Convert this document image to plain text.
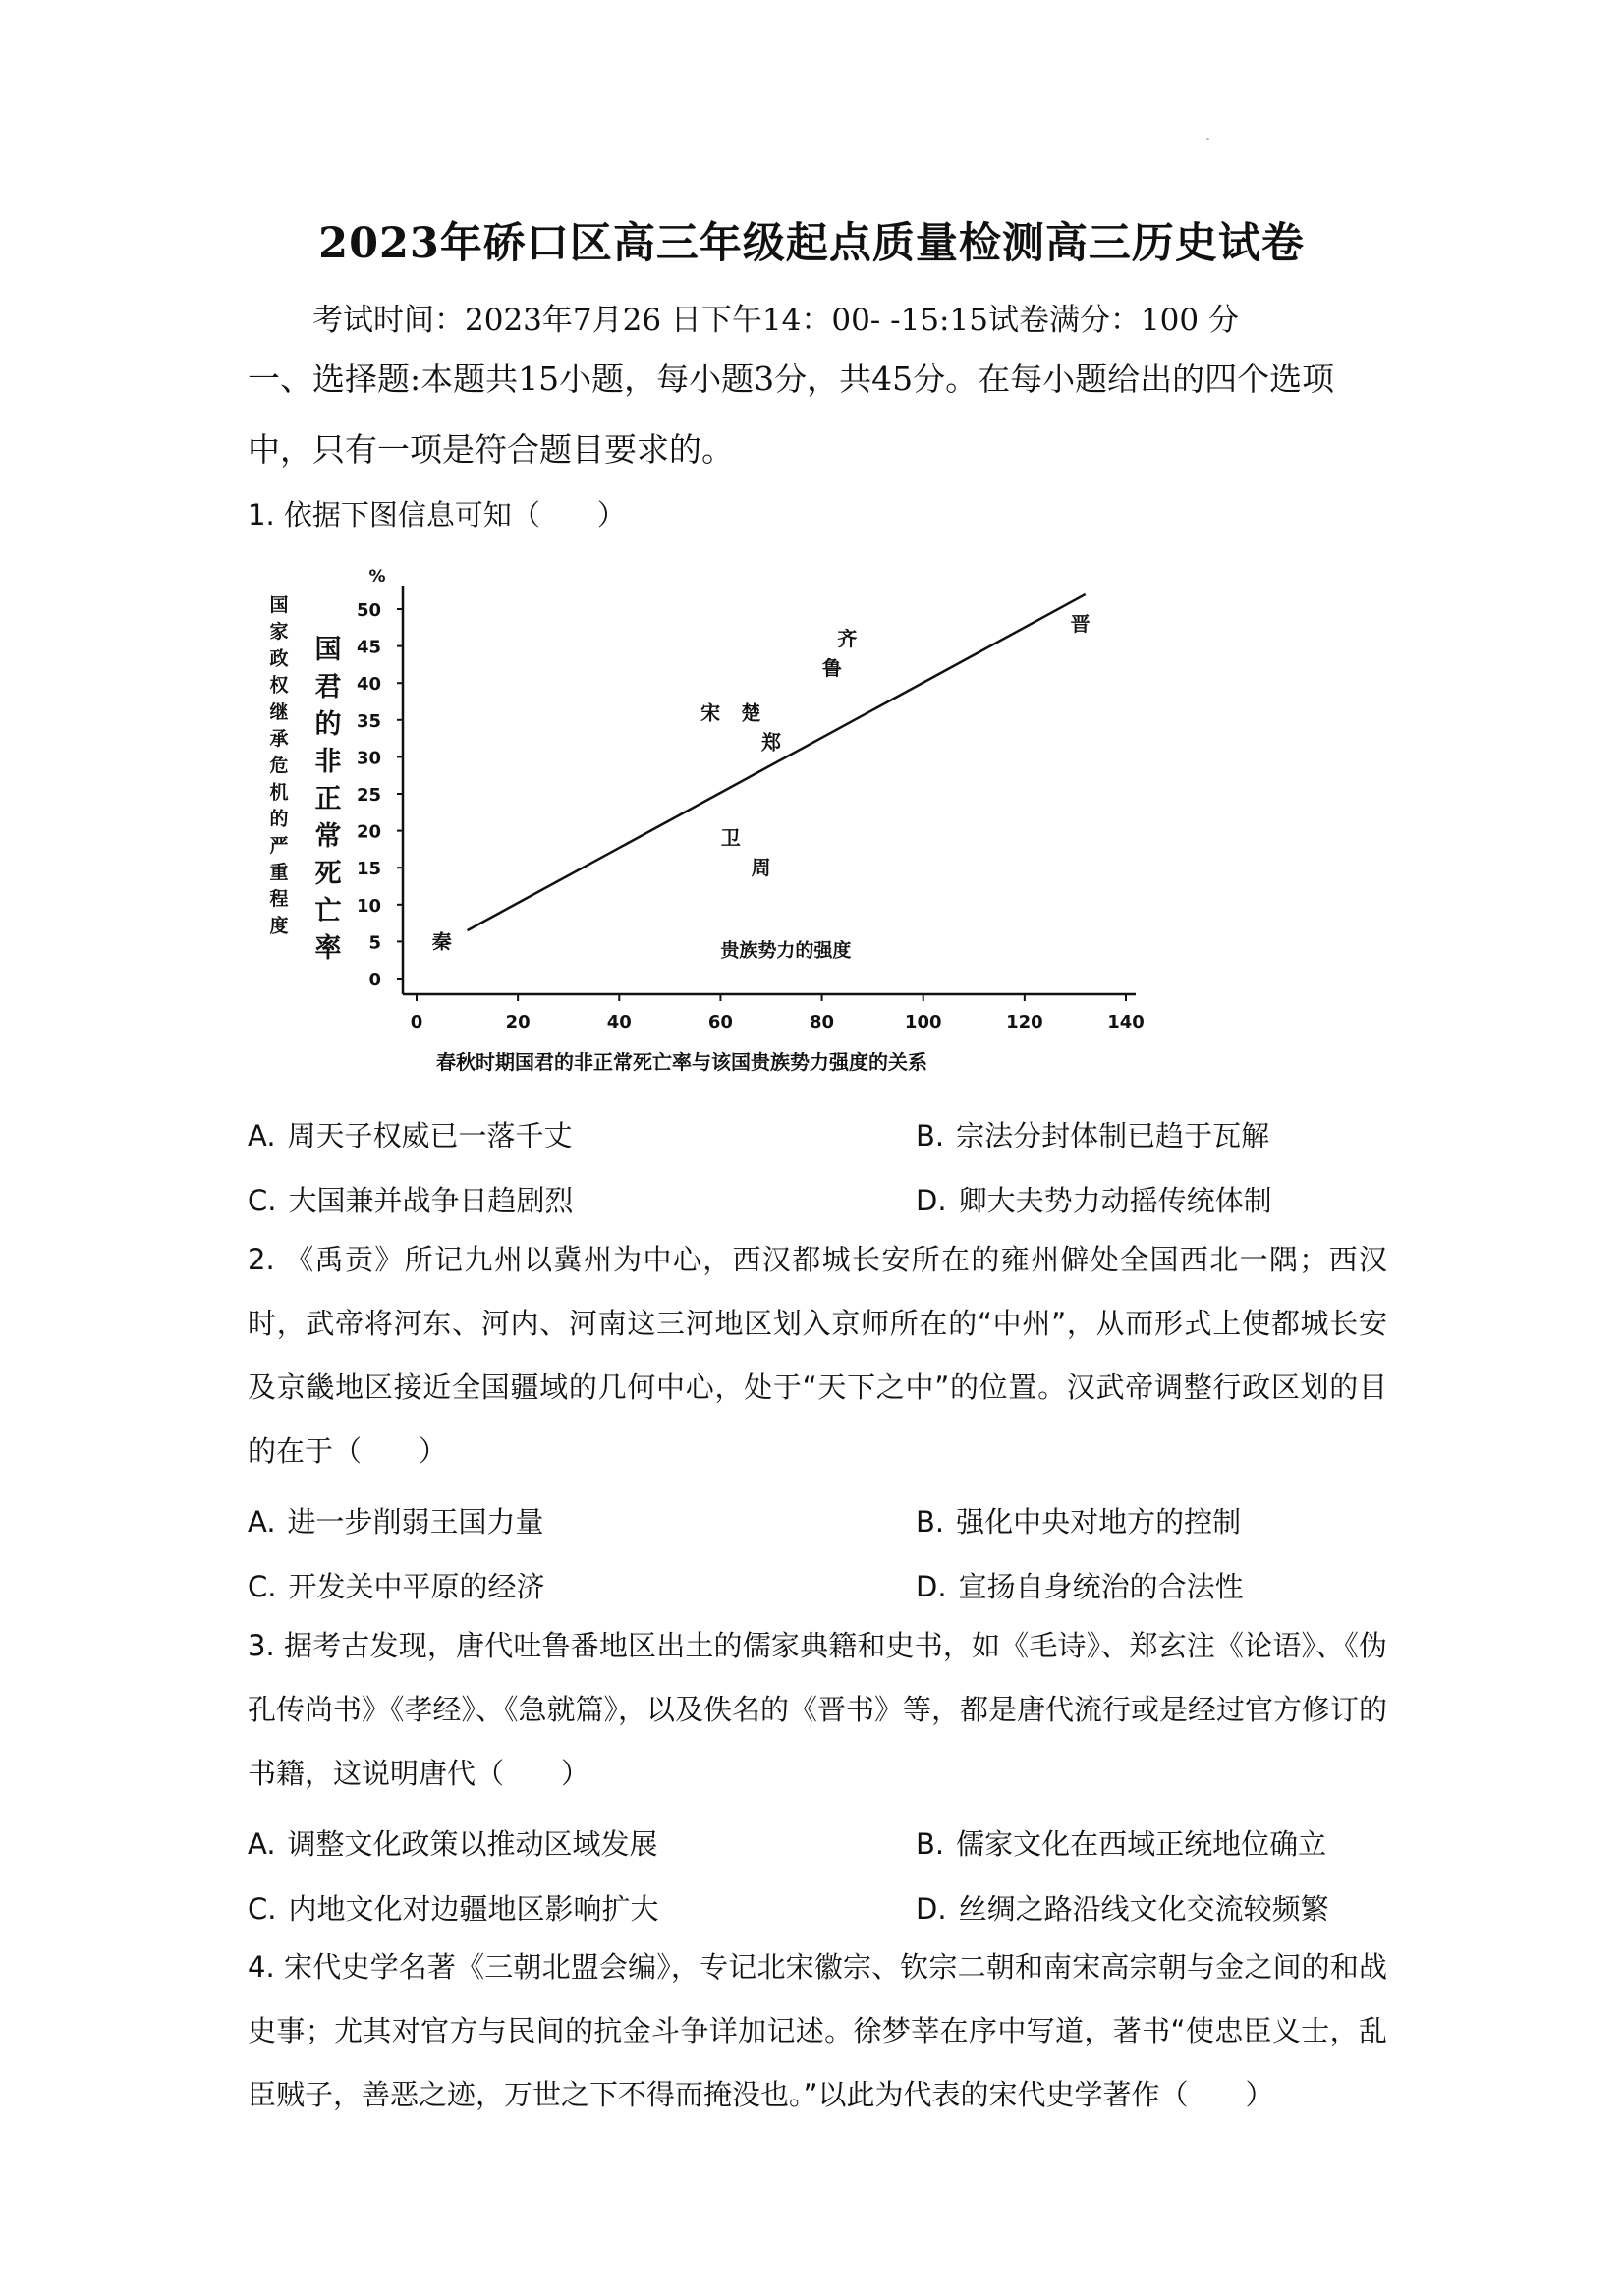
2023年硚口区高三年级起点质量检测高三历史试卷
考试时间：2023年7月26 日下午14：00- -15:15试卷满分：100 分
一、选择题:本题共15小题，每小题3分，共45分。在每小题给出的四个选项中，只有一项是符合题目要求的。
1. 依据下图信息可知（　　）
0
5
10
15
20
25
30
35
40
45
50
%
0	20	40	60	80	100	120	140
国
家
政
权
继
承
危
机
的
严
重
程
度
国
君
的
非
正
常
死
亡
率	秦
卫
周
宋 楚
郑
齐
鲁
晋
贵族势力的强度
春秋时期国君的非正常死亡率与该国贵族势力强度的关系
A. 周天子权威已一落千丈	B. 宗法分封体制已趋于瓦解
C. 大国兼并战争日趋剧烈	D. 卿大夫势力动摇传统体制
2. 《禹贡》所记九州以冀州为中心，西汉都城长安所在的雍州僻处全国西北一隅；西汉时，武帝将河东、河内、河南这三河地区划入京师所在的“中州”，从而形式上使都城长安及京畿地区接近全国疆域的几何中心，处于“天下之中”的位置。汉武帝调整行政区划的目的在于（　　）
A. 进一步削弱王国力量	B. 强化中央对地方的控制
C. 开发关中平原的经济	D. 宣扬自身统治的合法性
3. 据考古发现，唐代吐鲁番地区出土的儒家典籍和史书，如《毛诗》、郑玄注《论语》、《伪孔传尚书》《孝经》、《急就篇》，以及佚名的《晋书》等，都是唐代流行或是经过官方修订的书籍，这说明唐代（　　）
A. 调整文化政策以推动区域发展	B. 儒家文化在西域正统地位确立
C. 内地文化对边疆地区影响扩大	D. 丝绸之路沿线文化交流较频繁
4. 宋代史学名著《三朝北盟会编》，专记北宋徽宗、钦宗二朝和南宋高宗朝与金之间的和战史事；尤其对官方与民间的抗金斗争详加记述。徐梦莘在序中写道，著书“使忠臣义士，乱臣贼子，善恶之迹，万世之下不得而掩没也。”以此为代表的宋代史学著作（　　）
